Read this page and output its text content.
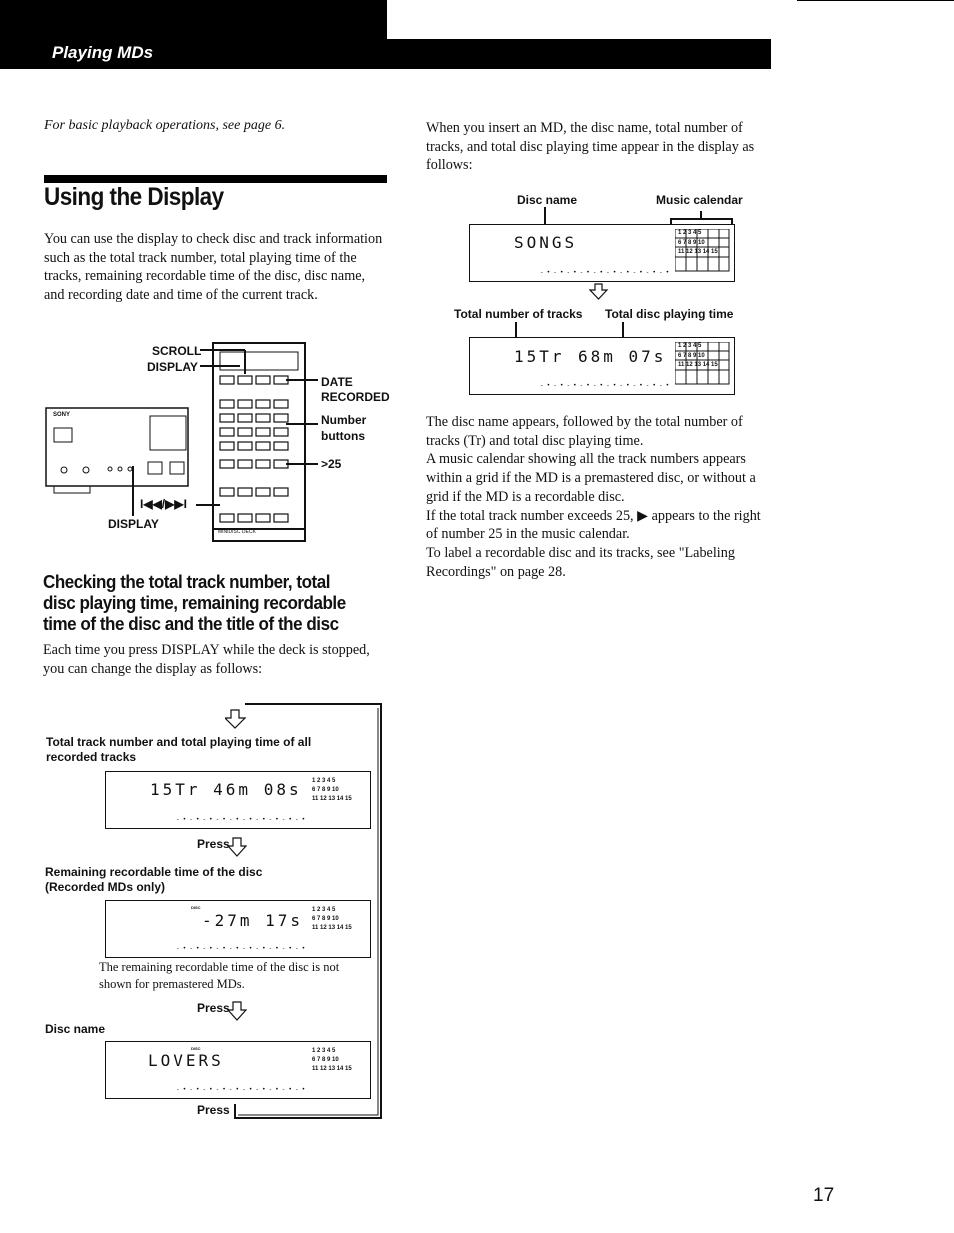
Playing MDs
For basic playback operations, see page 6.
Using the Display
You can use the display to check disc and track information such as the total track number, total playing time of the tracks, remaining recordable time of the disc, disc name, and recording date and time of the current track.
SCROLL
DISPLAY
DATE
RECORDED
Number
buttons
>25
I◀◀/▶▶I
DISPLAY
SONY
MINIDISC DECK
Checking the total track number, total disc playing time, remaining recordable time of the disc and the title of the disc
Each time you press DISPLAY while the deck is stopped, you can change the display as follows:
Total track number and total playing time of all recorded tracks
15Tr 46m 08s 1 2 3 4 5
6 7 8 9 10
11 12 13 14 15
-•-•-•-•-•-•-•-•-•-•
Press
Remaining recordable time of the disc (Recorded MDs only)
DISC
-27m 17s
1 2 3 4 5
6 7 8 9 10
11 12 13 14 15
-•-•-•-•-•-•-•-•-•-•
The remaining recordable time of the disc is not shown for premastered MDs.
Press
Disc name
DISC
LOVERS	1 2 3 4 5
6 7 8 9 10
11 12 13 14 15
-•-•-•-•-•-•-•-•-•-•
Press
When you insert an MD, the disc name, total number of tracks, and total disc playing time appear in the display as follows:
Disc name	Music calendar
SONGS	1 2 3 4 5
6 7 8 9 10
11 12 13 14 15
-•-•-•-•-•-•-•-•-•-•
Total number of tracks Total disc playing time
15Tr 68m 07s
1 2 3 4 5
6 7 8 9 10
11 12 13 14 15
-•-•-•-•-•-•-•-•-•-•
The disc name appears, followed by the total number of tracks (Tr) and total disc playing time.
A music calendar showing all the track numbers appears within a grid if the MD is a premastered disc, or without a grid if the MD is a recordable disc.
If the total track number exceeds 25, ▶ appears to the right of number 25 in the music calendar.
To label a recordable disc and its tracks, see "Labeling Recordings" on page 28.
17
